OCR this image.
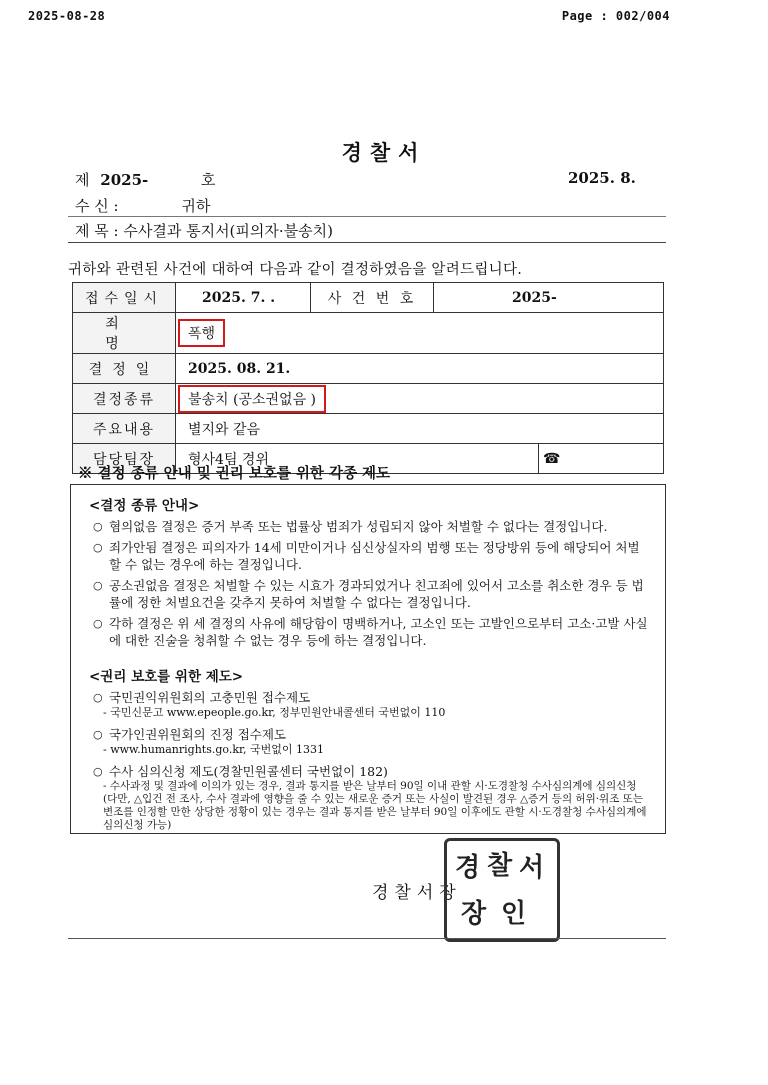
2025-08-28	Page : 002/004
경찰서
제 2025-	호	2025. 8.
수 신 :	귀하
제 목 : 수사결과 통지서(피의자·불송치)
귀하와 관련된 사건에 대하여 다음과 같이 결정하였음을 알려드립니다.
접수일시	2025. 7. .	사 건 번 호	2025-	
죄 명	폭행			
결정일	2025. 08. 21.			
결정종류	불송치 (공소권없음 )			
주요내용	별지와 같음			
담당팀장	형사4팀 경위			☎
※ 결정 종류 안내 및 권리 보호를 위한 각종 제도

<결정 종류 안내>

○ 혐의없음 결정은 증거 부족 또는 법률상 범죄가 성립되지 않아 처벌할 수 없다는 결정입니다.

○ 죄가안됨 결정은 피의자가 14세 미만이거나 심신상실자의 범행 또는 정당방위 등에 해당되어 처벌할 수 없는 경우에 하는 결정입니다.

○ 공소권없음 결정은 처벌할 수 있는 시효가 경과되었거나 친고죄에 있어서 고소를 취소한 경우 등 법률에 정한 처벌요건을 갖추지 못하여 처벌할 수 없다는 결정입니다.

○ 각하 결정은 위 세 결정의 사유에 해당함이 명백하거나, 고소인 또는 고발인으로부터 고소·고발 사실에 대한 진술을 청취할 수 없는 경우 등에 하는 결정입니다.

<권리 보호를 위한 제도>

○ 국민권익위원회의 고충민원 접수제도

- 국민신문고 www.epeople.go.kr, 정부민원안내콜센터 국번없이 110

○ 국가인권위원회의 진정 접수제도

- www.humanrights.go.kr, 국번없이 1331

○ 수사 심의신청 제도(경찰민원콜센터 국번없이 182)

- 수사과정 및 결과에 이의가 있는 경우, 결과 통지를 받은 날부터 90일 이내 관할 시·도경찰청 수사심의계에 심의신청 (다만, △입건 전 조사, 수사 결과에 영향을 줄 수 있는 새로운 증거 또는 사실이 발견된 경우 △증거 등의 허위·위조 또는 변조를 인정할 만한 상당한 정황이 있는 경우는 결과 통지를 받은 날부터 90일 이후에도 관할 시·도경찰청 수사심의계에 심의신청 가능)

경찰서장
경 찰 서
장 인
